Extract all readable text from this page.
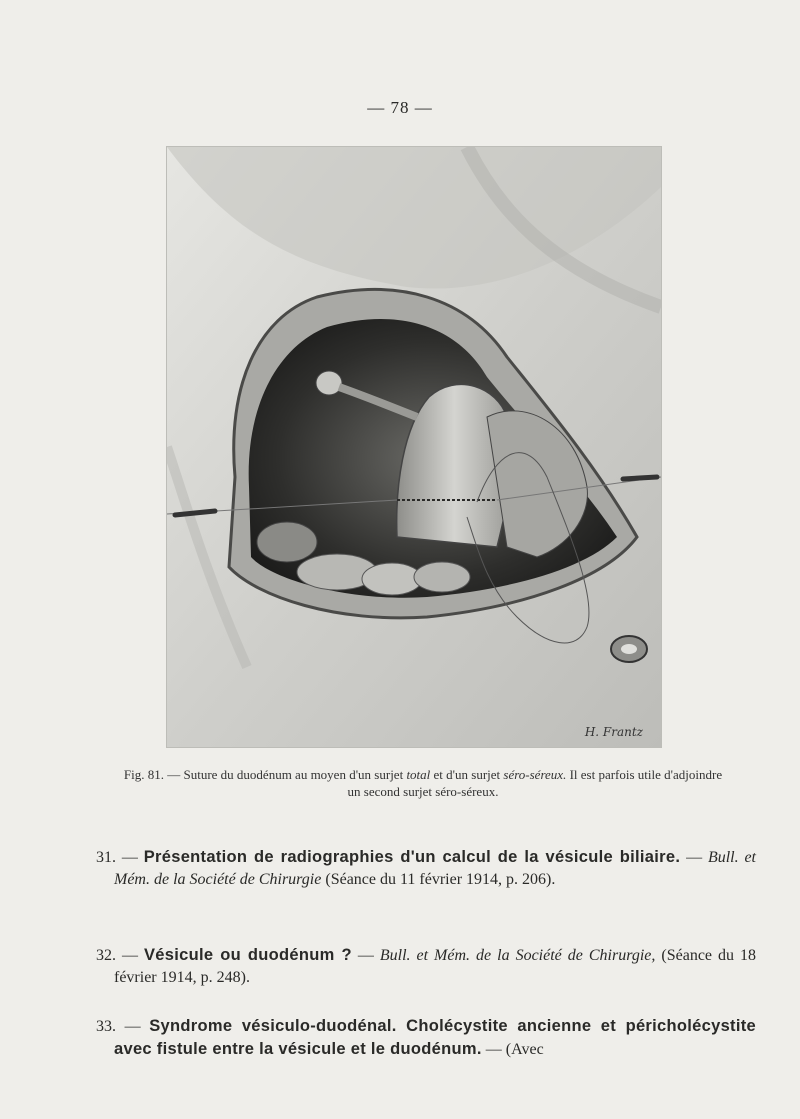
— 78 —
H. Frantz
Fig. 81. — Suture du duodénum au moyen d'un surjet total et d'un surjet séro-séreux. Il est parfois utile d'adjoindre un second surjet séro-séreux.
31. — Présentation de radiographies d'un calcul de la vésicule biliaire. — Bull. et Mém. de la Société de Chirurgie (Séance du 11 février 1914, p. 206).
32. — Vésicule ou duodénum ? — Bull. et Mém. de la Société de Chirurgie, (Séance du 18 février 1914, p. 248).
33. — Syndrome vésiculo-duodénal. Cholécystite ancienne et péricholécystite avec fistule entre la vésicule et le duodénum. — (Avec
